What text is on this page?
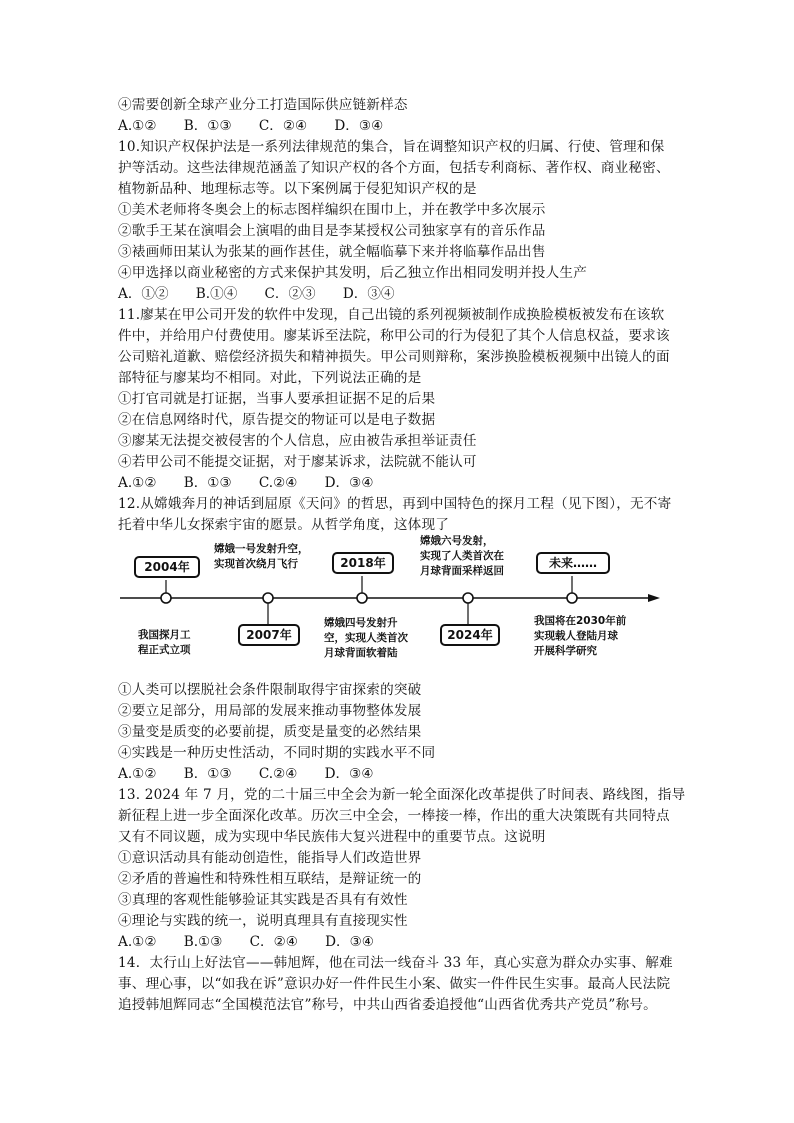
④需要创新全球产业分工打造国际供应链新样态
A.①②　　B．①③　　C．②④　　D．③④
10.知识产权保护法是一系列法律规范的集合，旨在调整知识产权的归属、行使、管理和保
护等活动。这些法律规范涵盖了知识产权的各个方面，包括专利商标、著作权、商业秘密、
植物新品种、地理标志等。以下案例属于侵犯知识产权的是
①美术老师将冬奥会上的标志图样编织在围巾上，并在教学中多次展示
②歌手王某在演唱会上演唱的曲目是李某授权公司独家享有的音乐作品
③裱画师田某认为张某的画作甚佳，就全幅临摹下来并将临摹作品出售
④甲选择以商业秘密的方式来保护其发明，后乙独立作出相同发明并投人生产
A．①②　　B.①④　　C．②③　　D．③④
11.廖某在甲公司开发的软件中发现，自己出镜的系列视频被制作成换脸模板被发布在该软
件中，并给用户付费使用。廖某诉至法院，称甲公司的行为侵犯了其个人信息权益，要求该
公司赔礼道歉、赔偿经济损失和精神损失。甲公司则辩称，案涉换脸模板视频中出镜人的面
部特征与廖某均不相同。对此，下列说法正确的是
①打官司就是打证据，当事人要承担证据不足的后果
②在信息网络时代，原告提交的物证可以是电子数据
③廖某无法提交被侵害的个人信息，应由被告承担举证责任
④若甲公司不能提交证据，对于廖某诉求，法院就不能认可
A.①②　　B．①③　　C.②④　　D．③④
12.从嫦娥奔月的神话到屈原《天问》的哲思，再到中国特色的探月工程（见下图），无不寄
托着中华儿女探索宇宙的愿景。从哲学角度，这体现了
2004年
2007年
2018年
2024年
未来……
我国探月工
程正式立项
嫦娥一号发射升空，
实现首次绕月飞行
嫦娥四号发射升
空，实现人类首次
月球背面软着陆
嫦娥六号发射，
实现了人类首次在
月球背面采样返回
我国将在2030年前
实现载人登陆月球
开展科学研究
①人类可以摆脱社会条件限制取得宇宙探索的突破
②要立足部分，用局部的发展来推动事物整体发展
③量变是质变的必要前提，质变是量变的必然结果
④实践是一种历史性活动，不同时期的实践水平不同
A.①②　　B．①③　　C.②④　　D．③④
13. 2024 年 7 月，党的二十届三中全会为新一轮全面深化改革提供了时间表、路线图，指导
新征程上进一步全面深化改革。历次三中全会，一棒接一棒，作出的重大决策既有共同特点
又有不同议题，成为实现中华民族伟大复兴进程中的重要节点。这说明
①意识活动具有能动创造性，能指导人们改造世界
②矛盾的普遍性和特殊性相互联结，是辩证统一的
③真理的客观性能够验证其实践是否具有有效性
④理论与实践的统一，说明真理具有直接现实性
A.①②　　B.①③　　C．②④　　D．③④
14．太行山上好法官——韩旭辉，他在司法一线奋斗 33 年，真心实意为群众办实事、解难
事、理心事，以“如我在诉”意识办好一件件民生小案、做实一件件民生实事。最高人民法院
追授韩旭辉同志“全国模范法官”称号，中共山西省委追授他“山西省优秀共产党员”称号。
